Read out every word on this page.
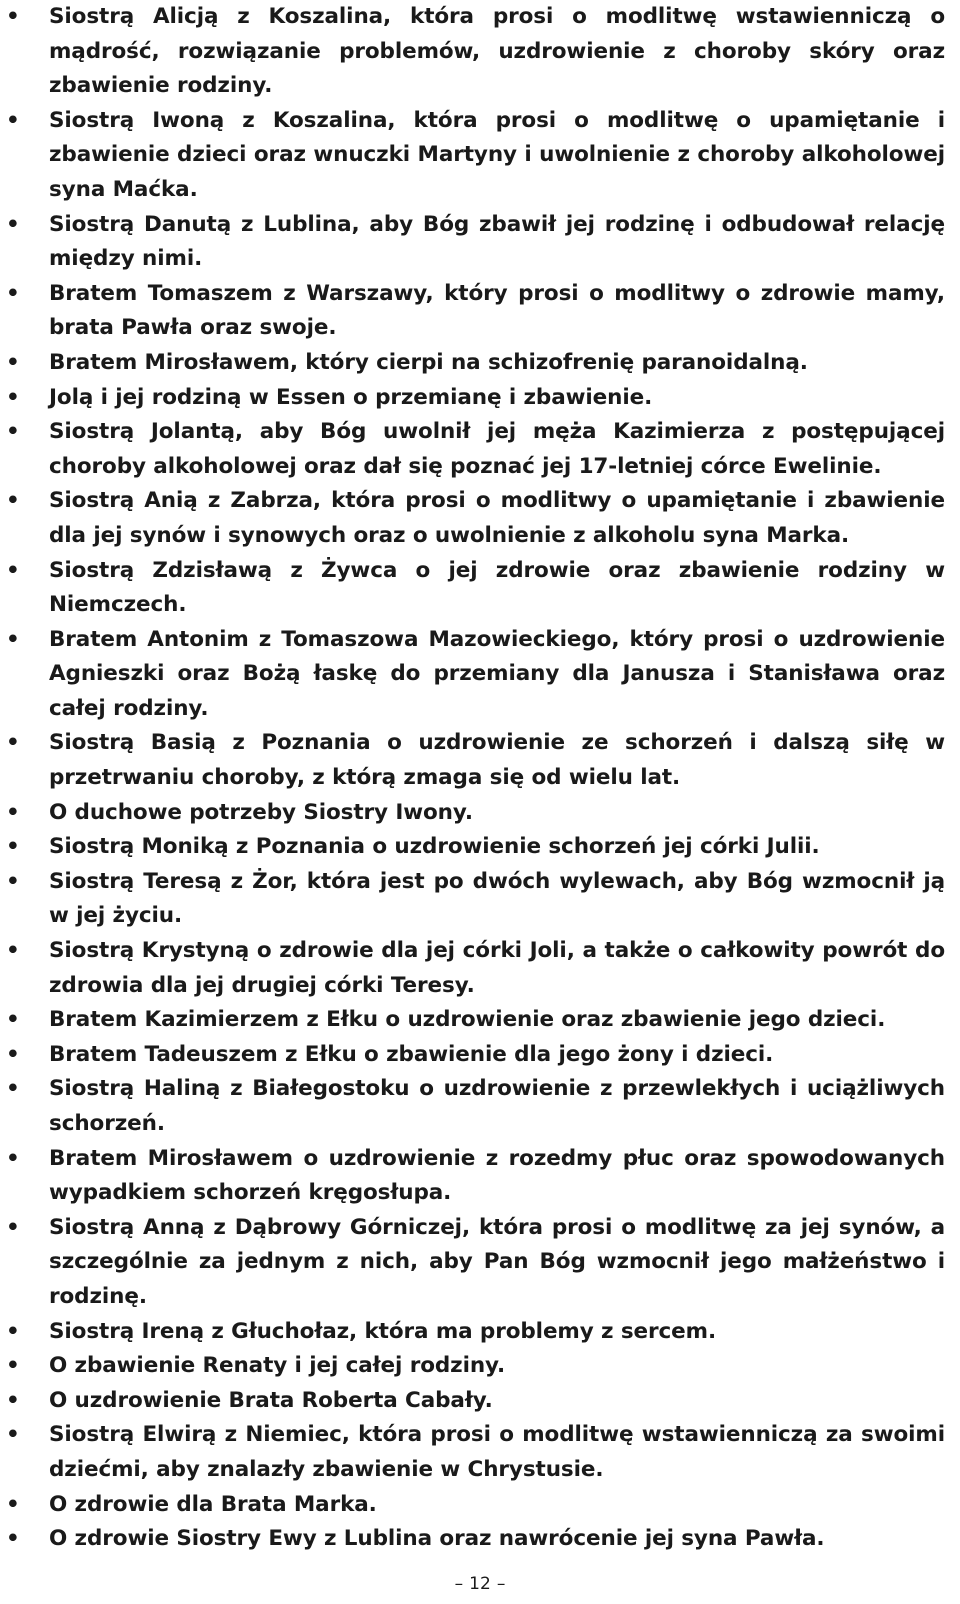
• Siostrą Alicją z Koszalina, która prosi o modlitwę wstawienniczą o mądrość, rozwiązanie problemów, uzdrowienie z choroby skóry oraz zbawienie rodziny.
• Siostrą Iwoną z Koszalina, która prosi o modlitwę o upamiętanie i zbawienie dzieci oraz wnuczki Martyny i uwolnienie z choroby alkoholowej syna Maćka.
• Siostrą Danutą z Lublina, aby Bóg zbawił jej rodzinę i odbudował relację między nimi.
• Bratem Tomaszem z Warszawy, który prosi o modlitwy o zdrowie mamy, brata Pawła oraz swoje.
• Bratem Mirosławem, który cierpi na schizofrenię paranoidalną.
• Jolą i jej rodziną w Essen o przemianę i zbawienie.
• Siostrą Jolantą, aby Bóg uwolnił jej męża Kazimierza z postępującej choroby alkoholowej oraz dał się poznać jej 17-letniej córce Ewelinie.
• Siostrą Anią z Zabrza, która prosi o modlitwy o upamiętanie i zbawienie dla jej synów i synowych oraz o uwolnienie z alkoholu syna Marka.
• Siostrą Zdzisławą z Żywca o jej zdrowie oraz zbawienie rodziny w Niemczech.
• Bratem Antonim z Tomaszowa Mazowieckiego, który prosi o uzdrowienie Agnieszki oraz Bożą łaskę do przemiany dla Janusza i Stanisława oraz całej rodziny.
• Siostrą Basią z Poznania o uzdrowienie ze schorzeń i dalszą siłę w przetrwaniu choroby, z którą zmaga się od wielu lat.
• O duchowe potrzeby Siostry Iwony.
• Siostrą Moniką z Poznania o uzdrowienie schorzeń jej córki Julii.
• Siostrą Teresą z Żor, która jest po dwóch wylewach, aby Bóg wzmocnił ją w jej życiu.
• Siostrą Krystyną o zdrowie dla jej córki Joli, a także o całkowity powrót do zdrowia dla jej drugiej córki Teresy.
• Bratem Kazimierzem z Ełku o uzdrowienie oraz zbawienie jego dzieci.
• Bratem Tadeuszem z Ełku o zbawienie dla jego żony i dzieci.
• Siostrą Haliną z Białegostoku o uzdrowienie z przewlekłych i uciążliwych schorzeń.
• Bratem Mirosławem o uzdrowienie z rozedmy płuc oraz spowodowanych wypadkiem schorzeń kręgosłupa.
• Siostrą Anną z Dąbrowy Górniczej, która prosi o modlitwę za jej synów, a szczególnie za jednym z nich, aby Pan Bóg wzmocnił jego małżeństwo i rodzinę.
• Siostrą Ireną z Głuchołaz, która ma problemy z sercem.
• O zbawienie Renaty i jej całej rodziny.
• O uzdrowienie Brata Roberta Cabały.
• Siostrą Elwirą z Niemiec, która prosi o modlitwę wstawienniczą za swoimi dziećmi, aby znalazły zbawienie w Chrystusie.
• O zdrowie dla Brata Marka.
• O zdrowie Siostry Ewy z Lublina oraz nawrócenie jej syna Pawła.
– 12 –
